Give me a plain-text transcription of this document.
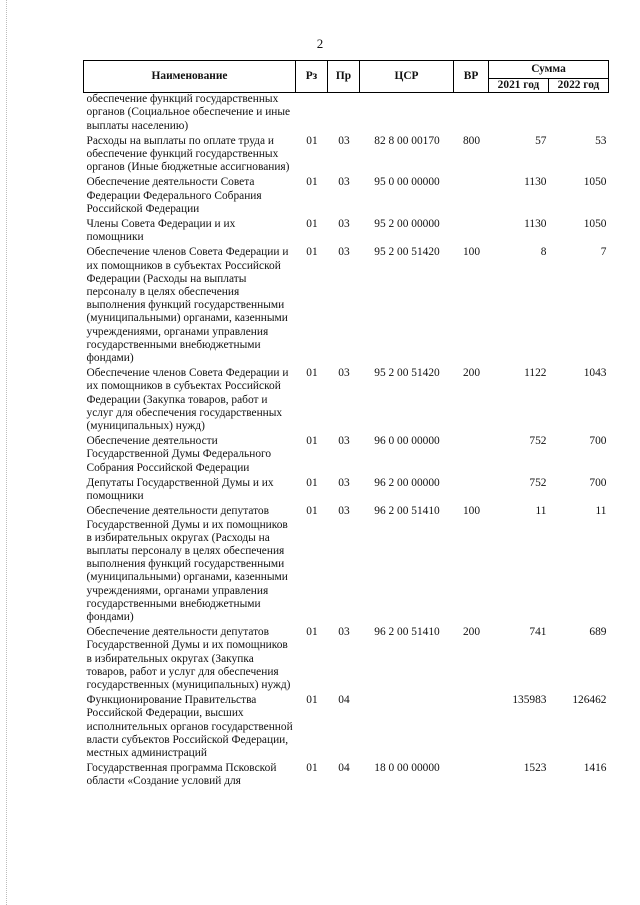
2
Наименование	Рз	Пр	ЦСР	ВР	Сумма	
					2021 год	2022 год
обеспечение функций государственных органов (Социальное обеспечение и иные выплаты населению)						
Расходы на выплаты по оплате труда и обеспечение функций государственных органов (Иные бюджетные ассигнования)	01	03	82 8 00 00170	800	57	53
Обеспечение деятельности Совета Федерации Федерального Собрания Российской Федерации	01	03	95 0 00 00000		1130	1050
Члены Совета Федерации и их помощники	01	03	95 2 00 00000		1130	1050
Обеспечение членов Совета Федерации и их помощников в субъектах Российской Федерации (Расходы на выплаты персоналу в целях обеспечения выполнения функций государственными (муниципальными) органами, казенными учреждениями, органами управления государственными внебюджетными фондами)	01	03	95 2 00 51420	100	8	7
Обеспечение членов Совета Федерации и их помощников в субъектах Российской Федерации (Закупка товаров, работ и услуг для обеспечения государственных (муниципальных) нужд)	01	03	95 2 00 51420	200	1122	1043
Обеспечение деятельности Государственной Думы Федерального Собрания Российской Федерации	01	03	96 0 00 00000		752	700
Депутаты Государственной Думы и их помощники	01	03	96 2 00 00000		752	700
Обеспечение деятельности депутатов Государственной Думы и их помощников в избирательных округах (Расходы на выплаты персоналу в целях обеспечения выполнения функций государственными (муниципальными) органами, казенными учреждениями, органами управления государственными внебюджетными фондами)	01	03	96 2 00 51410	100	11	11
Обеспечение деятельности депутатов Государственной Думы и их помощников в избирательных округах (Закупка товаров, работ и услуг для обеспечения государственных (муниципальных) нужд)	01	03	96 2 00 51410	200	741	689
Функционирование Правительства Российской Федерации, высших исполнительных органов государственной власти субъектов Российской Федерации, местных администраций	01	04			135983	126462
Государственная программа Псковской области «Создание условий для	01	04	18 0 00 00000		1523	1416
